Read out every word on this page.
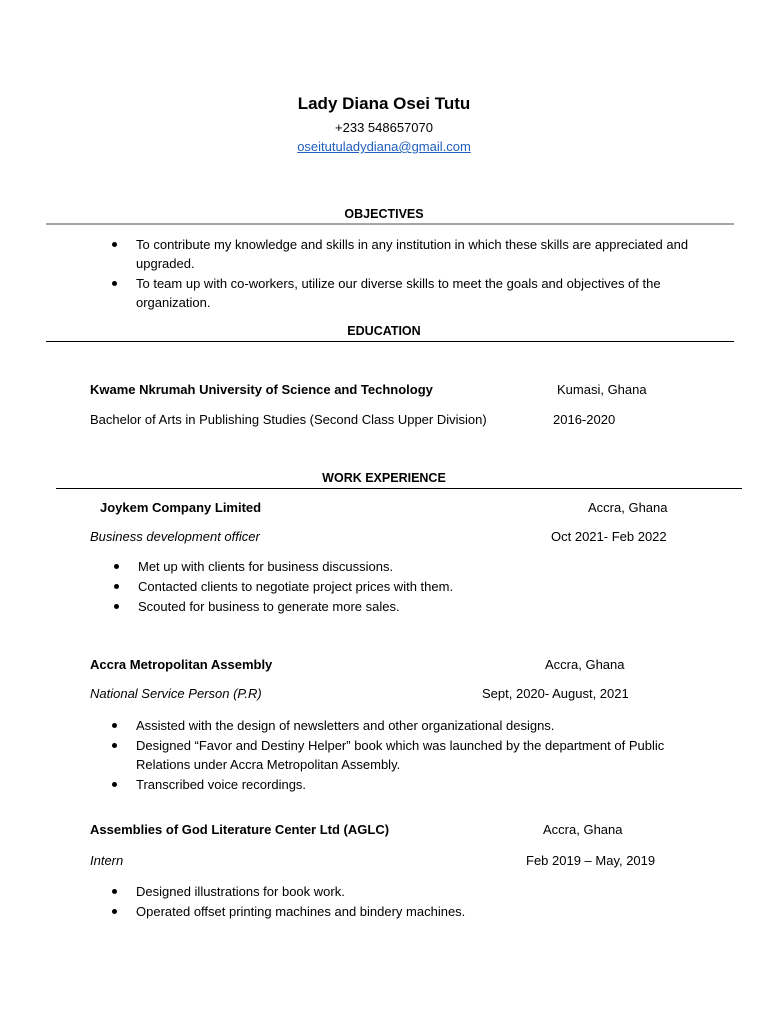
Lady Diana Osei Tutu
+233 548657070
oseitutuladydiana@gmail.com
OBJECTIVES
To contribute my knowledge and skills in any institution in which these skills are appreciated and upgraded.
To team up with co-workers, utilize our diverse skills to meet the goals and objectives of the organization.
EDUCATION
Kwame Nkrumah University of Science and Technology	Kumasi, Ghana
Bachelor of Arts in Publishing Studies (Second Class Upper Division)	2016-2020
WORK EXPERIENCE
Joykem Company Limited	Accra, Ghana
Business development officer	Oct 2021- Feb 2022
Met up with clients for business discussions.
Contacted clients to negotiate project prices with them.
Scouted for business to generate more sales.
Accra Metropolitan Assembly	Accra, Ghana
National Service Person (P.R)	Sept, 2020- August, 2021
Assisted with the design of newsletters and other organizational designs.
Designed “Favor and Destiny Helper” book which was launched by the department of Public Relations under Accra Metropolitan Assembly.
Transcribed voice recordings.
Assemblies of God Literature Center Ltd (AGLC)	Accra, Ghana
Intern	Feb 2019 – May, 2019
Designed illustrations for book work.
Operated offset printing machines and bindery machines.
